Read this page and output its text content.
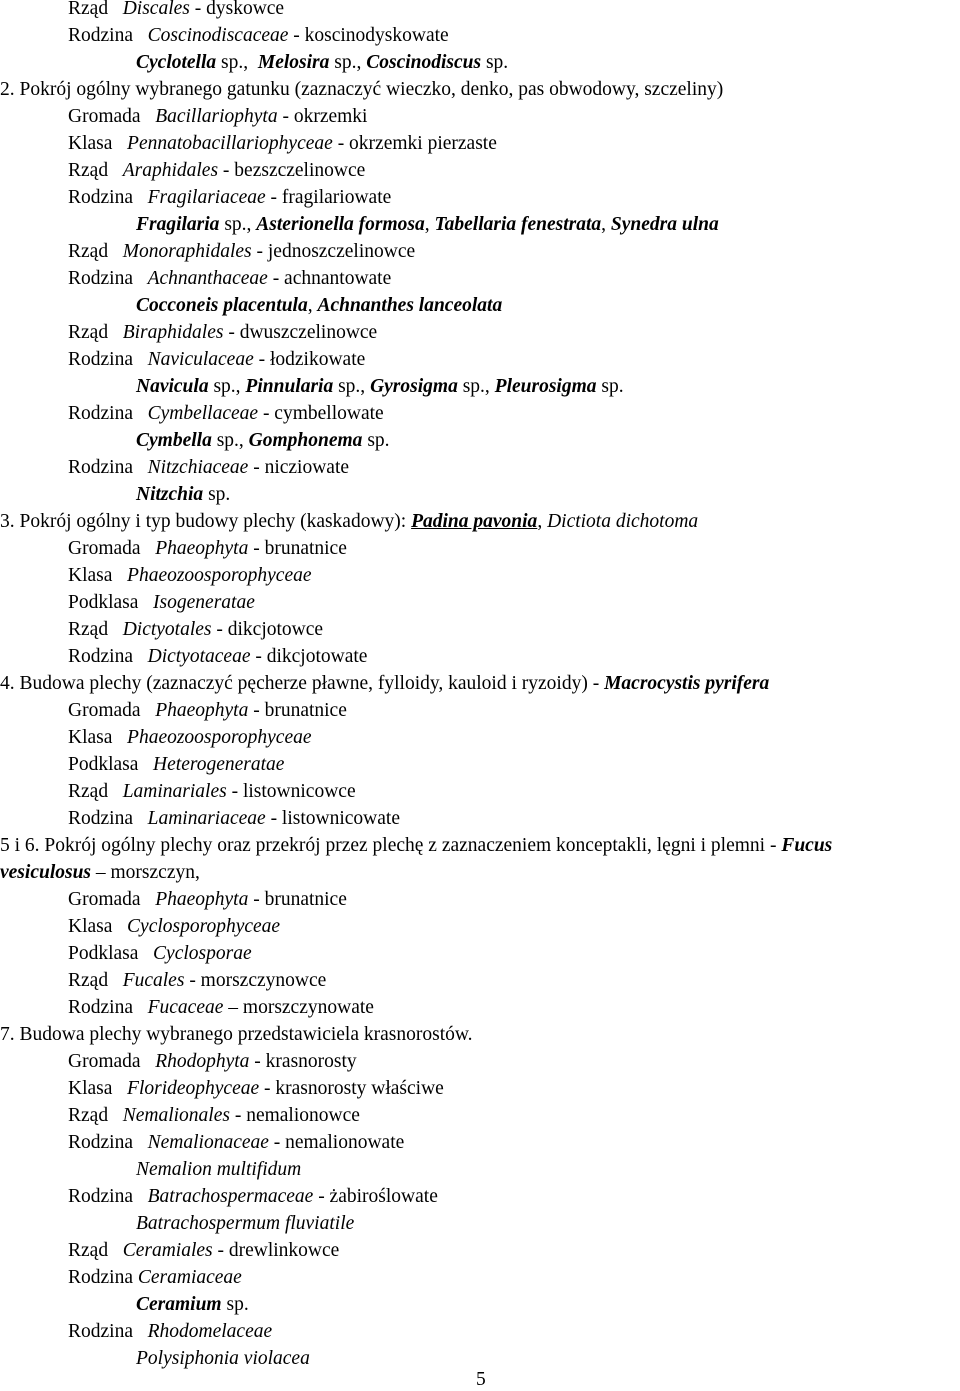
Rząd   Discales - dyskowce
Rodzina   Coscinodiscaceae - koscinodyskowate
Cyclotella sp.,  Melosira sp., Coscinodiscus sp.
2. Pokrój ogólny wybranego gatunku (zaznaczyć wieczko, denko, pas obwodowy, szczeliny)
Gromada   Bacillariophyta - okrzemki
Klasa   Pennatobacillariophyceae - okrzemki pierzaste
Rząd   Araphidales - bezszczelinowce
Rodzina   Fragilariaceae - fragilariowate
Fragilaria sp., Asterionella formosa, Tabellaria fenestrata, Synedra ulna
Rząd   Monoraphidales - jednoszczelinowce
Rodzina   Achnanthaceae - achnantowate
Cocconeis placentula, Achnanthes lanceolata
Rząd   Biraphidales - dwuszczelinowce
Rodzina   Naviculaceae - łodzikowate
Navicula sp., Pinnularia sp., Gyrosigma sp., Pleurosigma sp.
Rodzina   Cymbellaceae - cymbellowate
Cymbella sp., Gomphonema sp.
Rodzina   Nitzchiaceae - nicziowate
Nitzchia sp.
3. Pokrój ogólny i typ budowy plechy (kaskadowy): Padina pavonia, Dictiota dichotoma
Gromada   Phaeophyta - brunatnice
Klasa   Phaeozoosporophyceae
Podklasa   Isogeneratae
Rząd   Dictyotales - dikcjotowce
Rodzina   Dictyotaceae - dikcjotowate
4. Budowa plechy (zaznaczyć pęcherze pławne, fylloidy, kauloid i ryzoidy) - Macrocystis pyrifera
Gromada   Phaeophyta - brunatnice
Klasa   Phaeozoosporophyceae
Podklasa   Heterogeneratae
Rząd   Laminariales - listownicowce
Rodzina   Laminariaceae - listownicowate
5 i 6. Pokrój ogólny plechy oraz przekrój przez plechę z zaznaczeniem konceptakli, lęgni i plemni - Fucus
vesiculosus – morszczyn,
Gromada   Phaeophyta - brunatnice
Klasa   Cyclosporophyceae
Podklasa   Cyclosporae
Rząd   Fucales - morszczynowce
Rodzina   Fucaceae – morszczynowate
7. Budowa plechy wybranego przedstawiciela krasnorostów.
Gromada   Rhodophyta - krasnorosty
Klasa   Florideophyceae - krasnorosty właściwe
Rząd   Nemalionales - nemalionowce
Rodzina   Nemalionaceae - nemalionowate
Nemalion multifidum
Rodzina   Batrachospermaceae - żabiroślowate
Batrachospermum fluviatile
Rząd   Ceramiales - drewlinkowce
Rodzina Ceramiaceae
Ceramium sp.
Rodzina   Rhodomelaceae
Polysiphonia violacea
5
